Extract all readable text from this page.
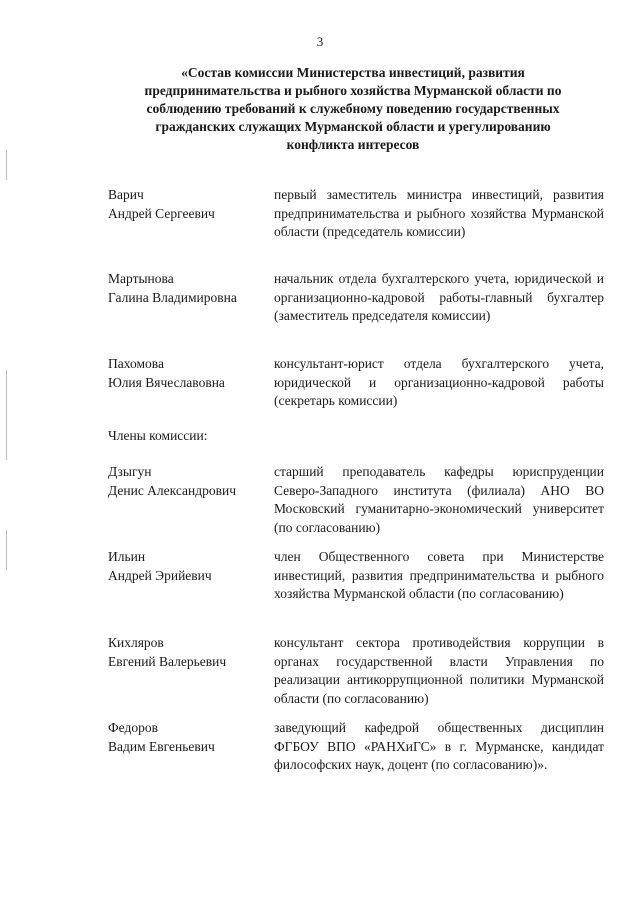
3
«Состав комиссии Министерства инвестиций, развития
предпринимательства и рыбного хозяйства Мурманской области по
соблюдению требований к служебному поведению государственных
гражданских служащих Мурманской области и урегулированию
конфликта интересов
Варич
Андрей Сергеевич
первый заместитель министра инвестиций, развития предпринимательства и рыбного хозяйства Мурманской области (председатель комиссии)
Мартынова
Галина Владимировна
начальник отдела бухгалтерского учета, юридической и организационно-кадровой работы-главный бухгалтер (заместитель председателя комиссии)
Пахомова
Юлия Вячеславовна
консультант-юрист отдела бухгалтерского учета, юридической и организационно-кадровой работы (секретарь комиссии)
Члены комиссии:
Дзыгун
Денис Александрович
старший преподаватель кафедры юриспруденции Северо-Западного института (филиала) АНО ВО Московский гуманитарно-экономический университет (по согласованию)
Ильин
Андрей Эрийевич
член Общественного совета при Министерстве инвестиций, развития предпринимательства и рыбного хозяйства Мурманской области (по согласованию)
Кихляров
Евгений Валерьевич
консультант сектора противодействия коррупции в органах государственной власти Управления по реализации антикоррупционной политики Мурманской области (по согласованию)
Федоров
Вадим Евгеньевич
заведующий кафедрой общественных дисциплин ФГБОУ ВПО «РАНХиГС» в г. Мурманске, кандидат философских наук, доцент (по согласованию)».
